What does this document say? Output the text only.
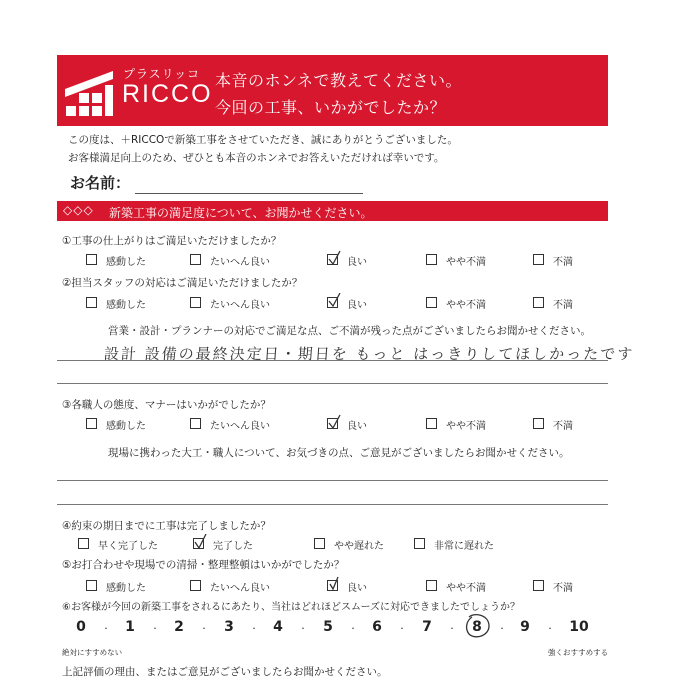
プラスリッコ
RICCO 本音のホンネで教えてください。
今回の工事、いかがでしたか？
この度は、＋RICCOで新築工事をさせていただき、誠にありがとうございました。
お客様満足向上のため、ぜひとも本音のホンネでお答えいただければ幸いです。
お名前：
◇◇◇ 新築工事の満足度について、お聞かせください。
①工事の仕上がりはご満足いただけましたか？
感動した	たいへん良い	良い	やや不満	不満
②担当スタッフの対応はご満足いただけましたか？
感動した	たいへん良い	良い	やや不満	不満
営業・設計・プランナーの対応でご満足な点、ご不満が残った点がございましたらお聞かせください。
設計 設備の最終決定日・期日を もっと はっきりしてほしかったです
③各職人の態度、マナーはいかがでしたか？
感動した	たいへん良い	良い	やや不満	不満
現場に携わった大工・職人について、お気づきの点、ご意見がございましたらお聞かせください。
④約束の期日までに工事は完了しましたか？
早く完了した	完了した	やや遅れた	非常に遅れた
⑤お打合わせや現場での清掃・整理整頓はいかがでしたか？
感動した	たいへん良い	良い	やや不満	不満
⑥お客様が今回の新築工事をされるにあたり、当社はどれほどスムーズに対応できましたでしょうか？
0	·	1	·	2	·	3	·	4	·	5	·	6	·	7	·	8	·	9	·	10
絶対にすすめない	強くおすすめする
上記評価の理由、またはご意見がございましたらお聞かせください。
